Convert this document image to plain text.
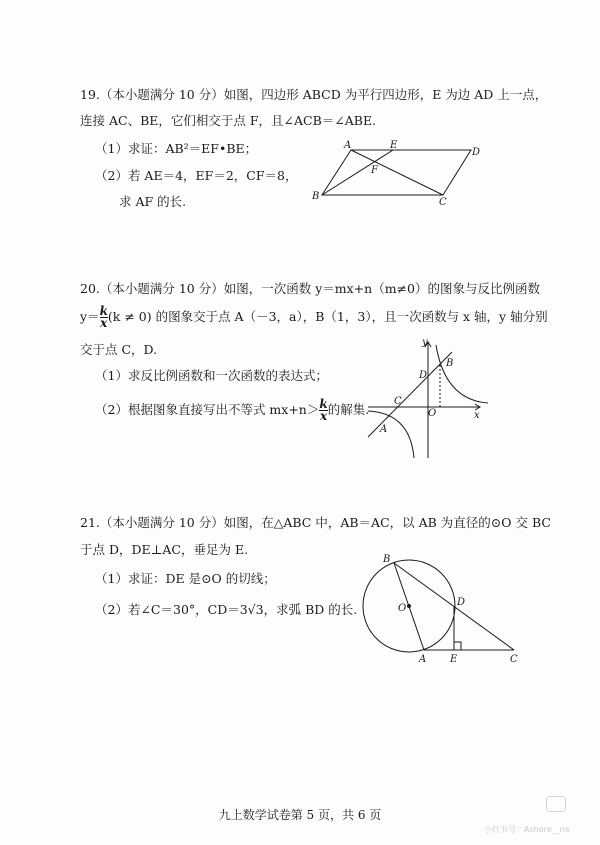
19.（本小题满分 10 分）如图，四边形 ABCD 为平行四边形，E 为边 AD 上一点，
连接 AC、BE，它们相交于点 F，且∠ACB＝∠ABE.
（1）求证：AB²＝EF•BE；
（2）若 AE＝4，EF＝2，CF＝8，
求 AF 的长.
A	E
D
F
B
C
20.（本小题满分 10 分）如图，一次函数 y＝mx+n（m≠0）的图象与反比例函数
$y= \frac{k}{x} (k \ne 0)$ 的图象交于点 A（－3，a），B（1，3），且一次函数与 x 轴，y 轴分别
交于点 C，D.
（1）求反比例函数和一次函数的表达式；
（2）根据图象直接写出不等式 $mx+n> \frac{k}{x}$ 的解集.
y
x
O
A
B
C
D
21.（本小题满分 10 分）如图，在△ABC 中，AB＝AC，以 AB 为直径的⊙O 交 BC
于点 D，DE⊥AC，垂足为 E.
（1）求证：DE 是⊙O 的切线；
（2）若∠C＝30°，CD＝3√3，求弧 BD 的长.
B
O
D
A E	C
九上数学试卷第 5 页，共 6 页
小红书号：Ashore__ne
